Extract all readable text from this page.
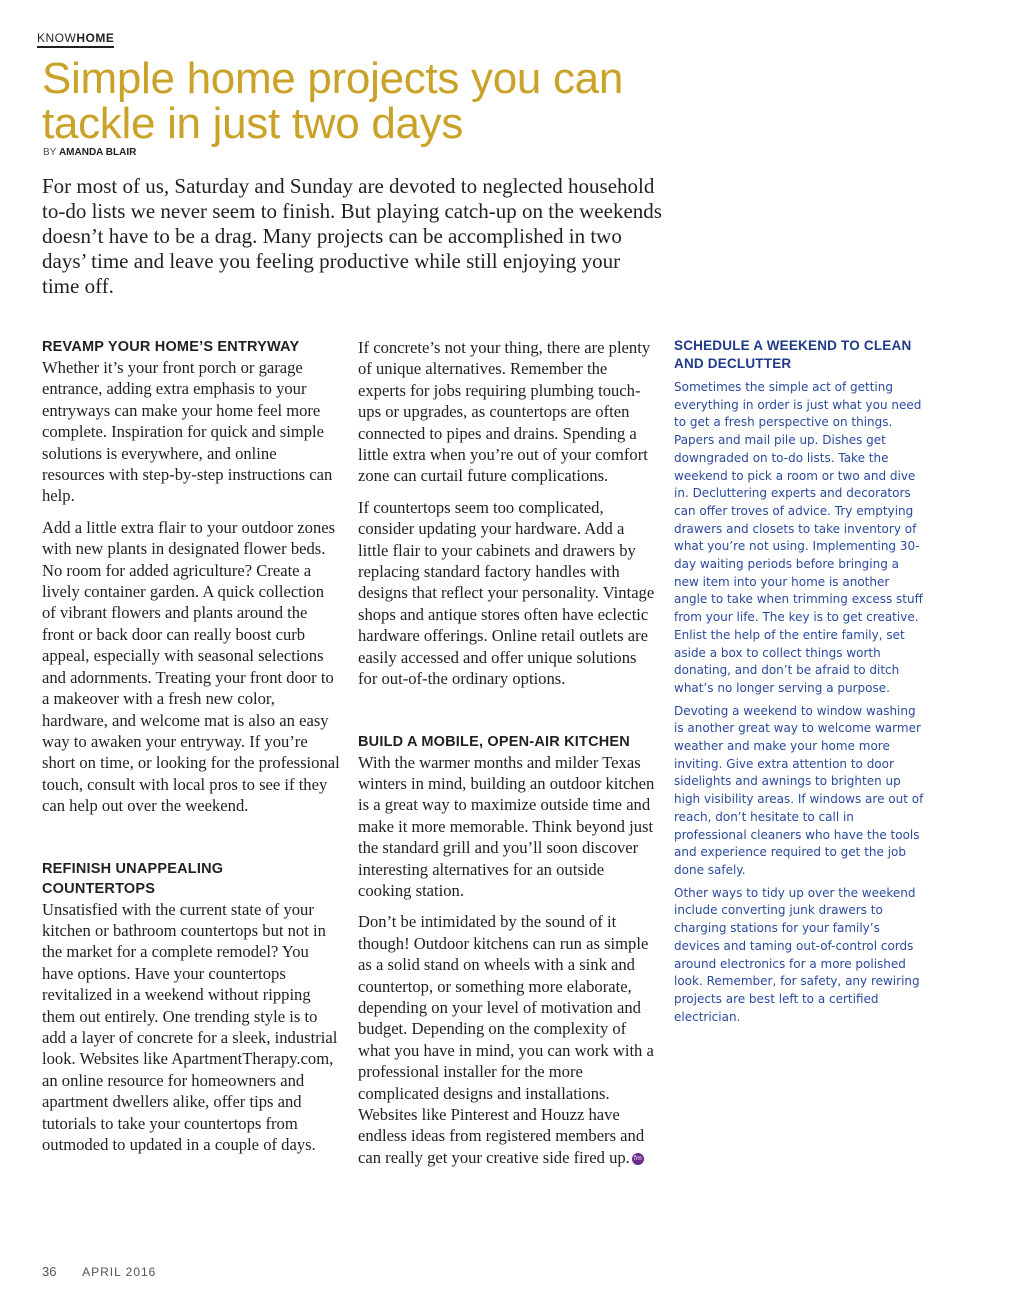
KNOWHOME
Simple home projects you can tackle in just two days
BY AMANDA BLAIR

For most of us, Saturday and Sunday are devoted to neglected household to-do lists we never seem to finish. But playing catch-up on the weekends doesn’t have to be a drag. Many projects can be accomplished in two days’ time and leave you feeling productive while still enjoying your time off.

REVAMP YOUR HOME’S ENTRYWAY

Whether it’s your front porch or garage entrance, adding extra emphasis to your entryways can make your home feel more complete. Inspiration for quick and simple solutions is everywhere, and online resources with step-by-step instructions can help.

Add a little extra flair to your outdoor zones with new plants in designated flower beds. No room for added agriculture? Create a lively container garden. A quick collection of vibrant flowers and plants around the front or back door can really boost curb appeal, especially with seasonal selections and adornments. Treating your front door to a makeover with a fresh new color, hardware, and welcome mat is also an easy way to awaken your entryway. If you’re short on time, or looking for the professional touch, consult with local pros to see if they can help out over the weekend.

REFINISH UNAPPEALING COUNTERTOPS

Unsatisfied with the current state of your kitchen or bathroom countertops but not in the market for a complete remodel? You have options. Have your countertops revitalized in a weekend without ripping them out entirely. One trending style is to add a layer of concrete for a sleek, industrial look. Websites like ApartmentTherapy.com, an online resource for homeowners and apartment dwellers alike, offer tips and tutorials to take your countertops from outmoded to updated in a couple of days.

If concrete’s not your thing, there are plenty of unique alternatives. Remember the experts for jobs requiring plumbing touch-ups or upgrades, as countertops are often connected to pipes and drains. Spending a little extra when you’re out of your comfort zone can curtail future complications.

If countertops seem too complicated, consider updating your hardware. Add a little flair to your cabinets and drawers by replacing standard factory handles with designs that reflect your personality. Vintage shops and antique stores often have eclectic hardware offerings. Online retail outlets are easily accessed and offer unique solutions for out-of-the ordinary options.

BUILD A MOBILE, OPEN-AIR KITCHEN

With the warmer months and milder Texas winters in mind, building an outdoor kitchen is a great way to maximize outside time and make it more memorable. Think beyond just the standard grill and you’ll soon discover interesting alternatives for an outside cooking station.

Don’t be intimidated by the sound of it though! Outdoor kitchens can run as simple as a solid stand on wheels with a sink and countertop, or something more elaborate, depending on your level of motivation and budget. Depending on the complexity of what you have in mind, you can work with a professional installer for the more complicated designs and installations. Websites like Pinterest and Houzz have endless ideas from registered members and can really get your creative side fired up. fm

SCHEDULE A WEEKEND TO CLEAN AND DECLUTTER

Sometimes the simple act of getting everything in order is just what you need to get a fresh perspective on things. Papers and mail pile up. Dishes get downgraded on to-do lists. Take the weekend to pick a room or two and dive in. Decluttering experts and decorators can offer troves of advice. Try emptying drawers and closets to take inventory of what you’re not using. Implementing 30-day waiting periods before bringing a new item into your home is another angle to take when trimming excess stuff from your life. The key is to get creative. Enlist the help of the entire family, set aside a box to collect things worth donating, and don’t be afraid to ditch what’s no longer serving a purpose.

Devoting a weekend to window washing is another great way to welcome warmer weather and make your home more inviting. Give extra attention to door sidelights and awnings to brighten up high visibility areas. If windows are out of reach, don’t hesitate to call in professional cleaners who have the tools and experience required to get the job done safely.

Other ways to tidy up over the weekend include converting junk drawers to charging stations for your family’s devices and taming out-of-control cords around electronics for a more polished look. Remember, for safety, any rewiring projects are best left to a certified electrician.

36 APRIL 2016
